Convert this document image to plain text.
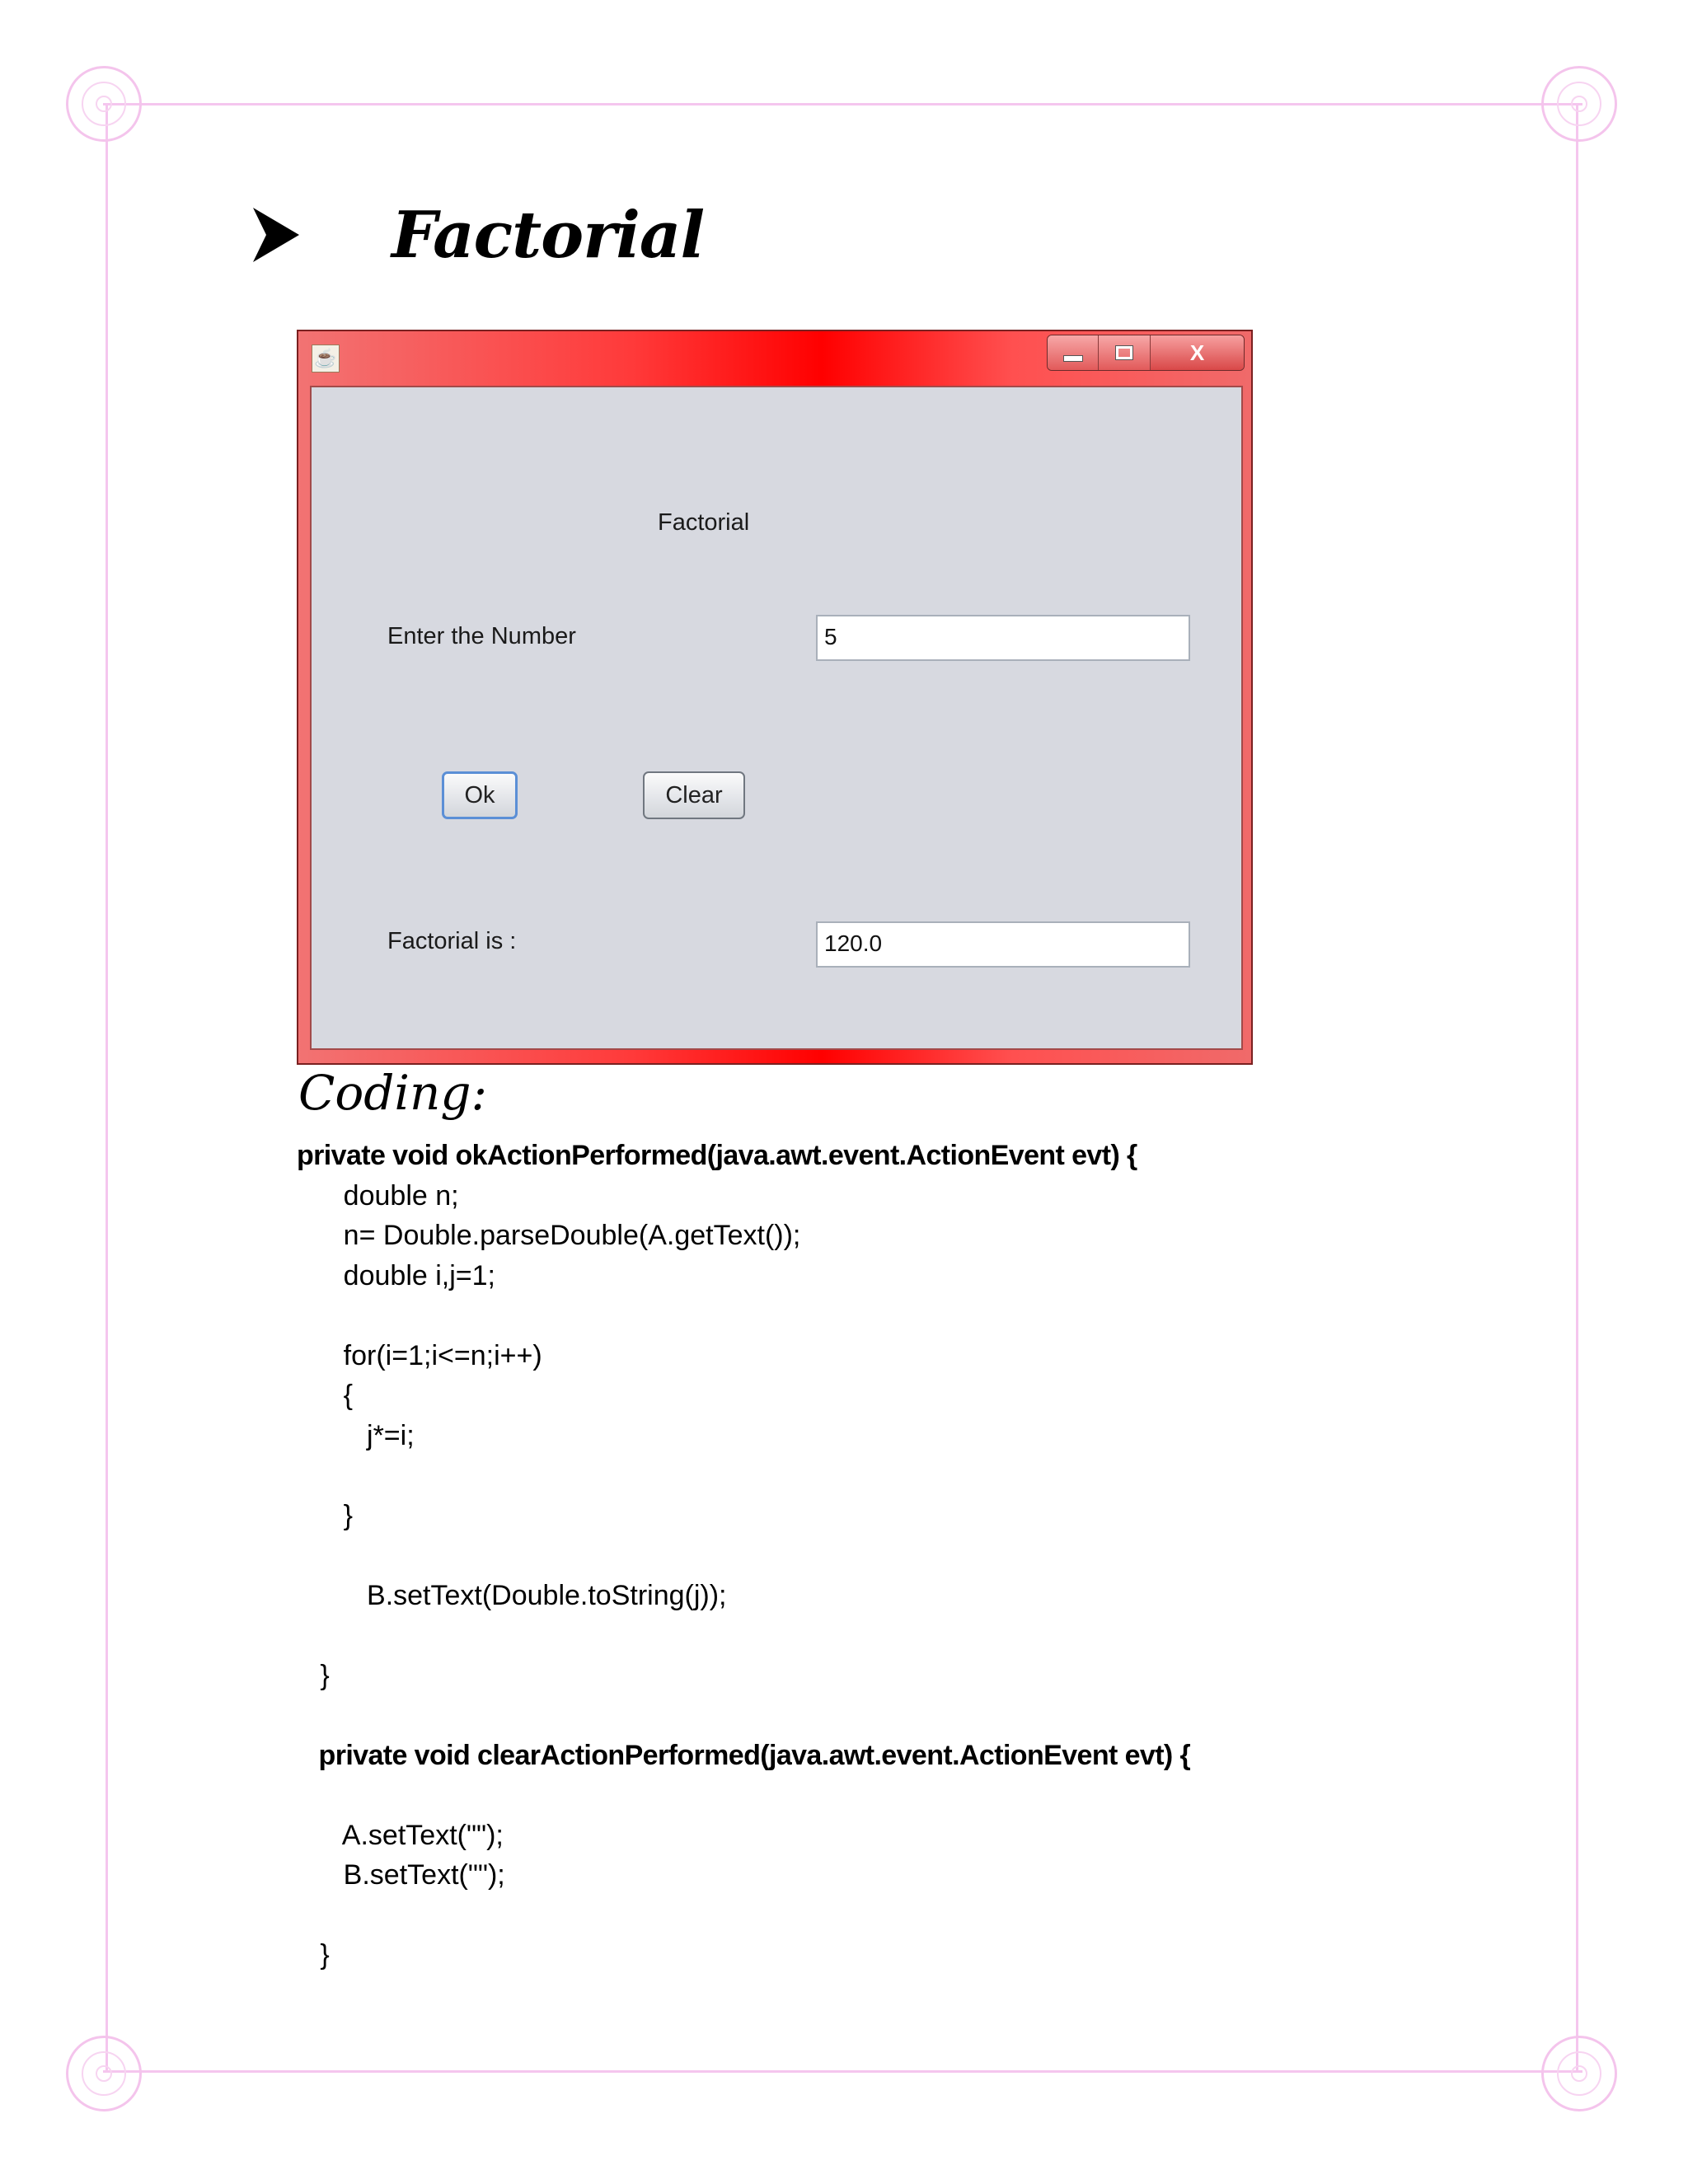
Factorial
☕	X
Factorial
Enter the Number	5
Ok	Clear
Factorial is :	120.0
Coding:
private void okActionPerformed(java.awt.event.ActionEvent evt) {
double n;
n= Double.parseDouble(A.getText());
double i,j=1;
for(i=1;i<=n;i++)
{
j*=i;
}
B.setText(Double.toString(j));
}
private void clearActionPerformed(java.awt.event.ActionEvent evt) {
A.setText("");
B.setText("");
}
